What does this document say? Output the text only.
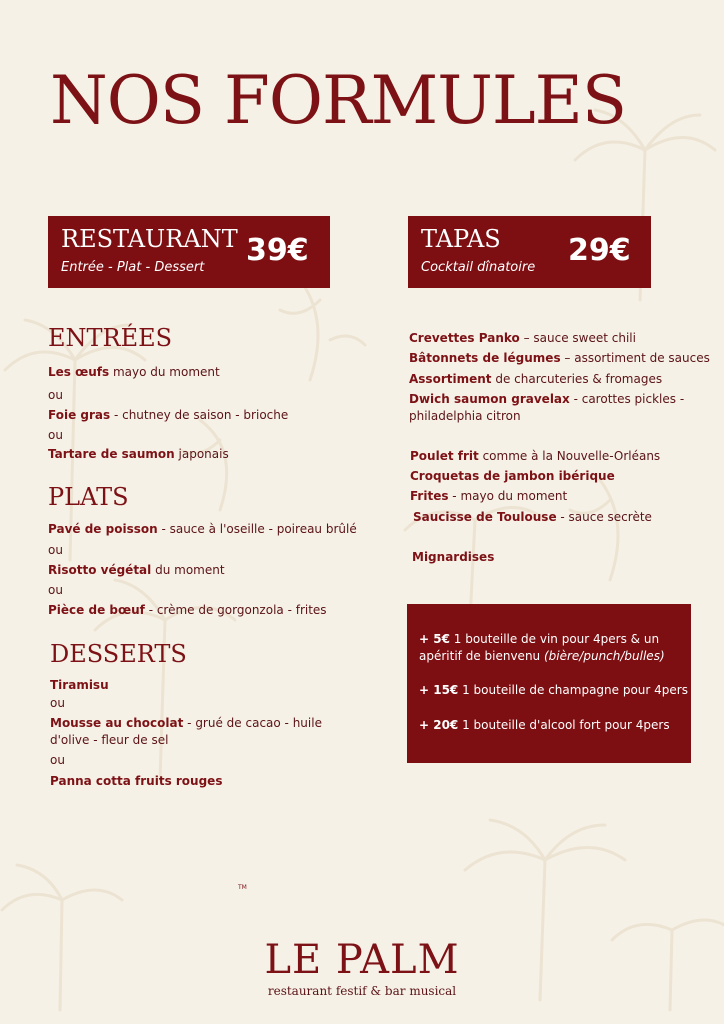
NOS FORMULES
RESTAURANT
Entrée - Plat - Dessert 39€	TAPAS
Cocktail dînatoire 29€
ENTRÉES
Les œufs mayo du moment
ou
Foie gras - chutney de saison - brioche
ou
Tartare de saumon japonais
PLATS
Pavé de poisson - sauce à l'oseille - poireau brûlé
ou
Risotto végétal du moment
ou
Pièce de bœuf - crème de gorgonzola - frites
DESSERTS
Tiramisu
ou
Mousse au chocolat - grué de cacao - huile
d'olive - fleur de sel
ou
Panna cotta fruits rouges
Crevettes Panko – sauce sweet chili
Bâtonnets de légumes – assortiment de sauces
Assortiment de charcuteries & fromages
Dwich saumon gravelax - carottes pickles -
philadelphia citron
Poulet frit comme à la Nouvelle-Orléans
Croquetas de jambon ibérique
Frites - mayo du moment
Saucisse de Toulouse - sauce secrète
Mignardises
+ 5€ 1 bouteille de vin pour 4pers & un
apéritif de bienvenu (bière/punch/bulles)
+ 15€ 1 bouteille de champagne pour 4pers
+ 20€ 1 bouteille d'alcool fort pour 4pers
TM
LE PALM
restaurant festif & bar musical
